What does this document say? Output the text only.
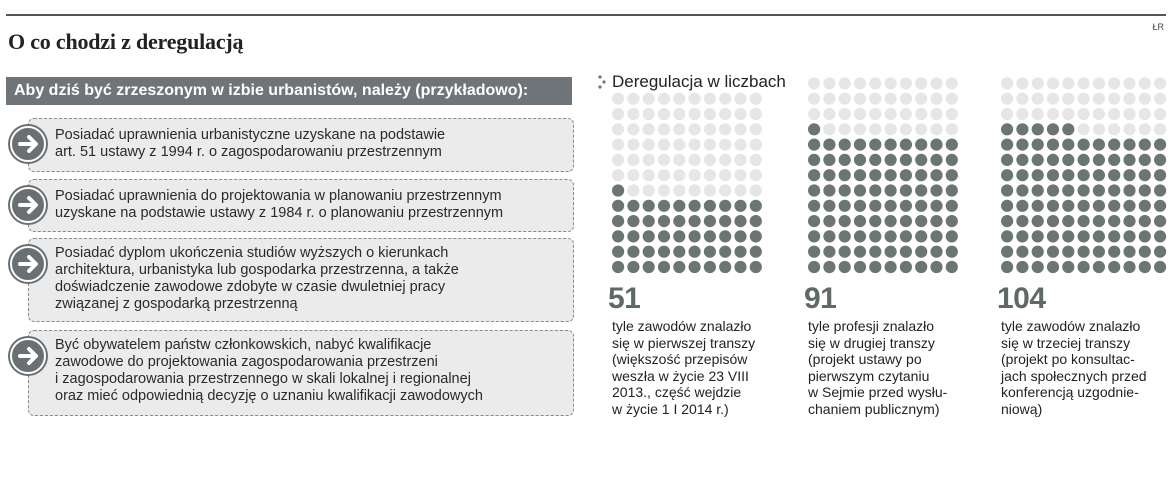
O co chodzi z deregulacją
ŁR
Aby dziś być zrzeszonym w izbie urbanistów, należy (przykładowo):
Posiadać uprawnienia urbanistyczne uzyskane na podstawie
art. 51 ustawy z 1994 r. o zagospodarowaniu przestrzennym
Posiadać uprawnienia do projektowania w planowaniu przestrzennym
uzyskane na podstawie ustawy z 1984 r. o planowaniu przestrzennym
Posiadać dyplom ukończenia studiów wyższych o kierunkach
architektura, urbanistyka lub gospodarka przestrzenna, a także
doświadczenie zawodowe zdobyte w czasie dwuletniej pracy
związanej z gospodarką przestrzenną
Być obywatelem państw członkowskich, nabyć kwalifikacje
zawodowe do projektowania zagospodarowania przestrzeni
i zagospodarowania przestrzennego w skali lokalnej i regionalnej
oraz mieć odpowiednią decyzję o uznaniu kwalifikacji zawodowych
Deregulacja w liczbach
51
tyle zawodów znalazło
się w pierwszej transzy
(większość przepisów
weszła w życie 23 VIII
2013., część wejdzie
w życie 1 I 2014 r.)
91
tyle profesji znalazło
się w drugiej transzy
(projekt ustawy po
pierwszym czytaniu
w Sejmie przed wysłu-
chaniem publicznym)
104
tyle zawodów znalazło
się w trzeciej transzy
(projekt po konsultac-
jach społecznych przed
konferencją uzgodnie-
niową)
